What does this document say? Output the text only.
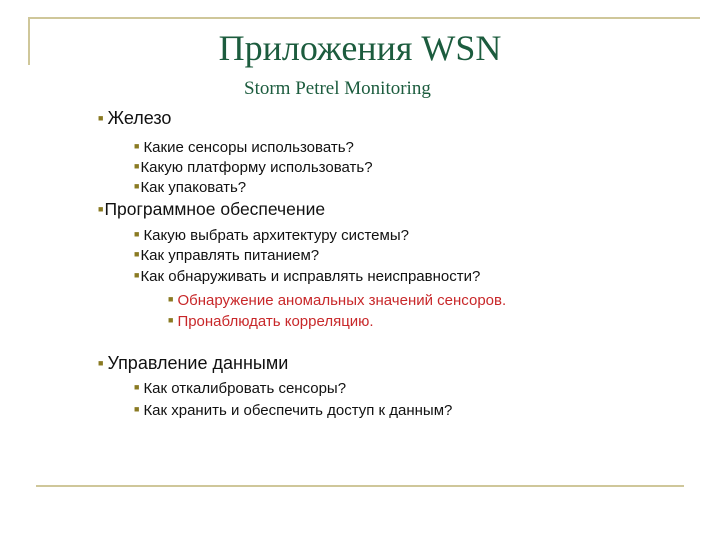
Приложения WSN
Storm Petrel Monitoring
■ Железо
■ Какие сенсоры использовать?
■Какую платформу использовать?
■Как упаковать?
■Программное обеспечение
■ Какую выбрать архитектуру системы?
■Как управлять питанием?
■Как обнаруживать и исправлять неисправности?
■ Обнаружение аномальных значений сенсоров.
■ Пронаблюдать корреляцию.
■ Управление данными
■ Как откалибровать сенсоры?
■ Как хранить и обеспечить доступ к данным?
